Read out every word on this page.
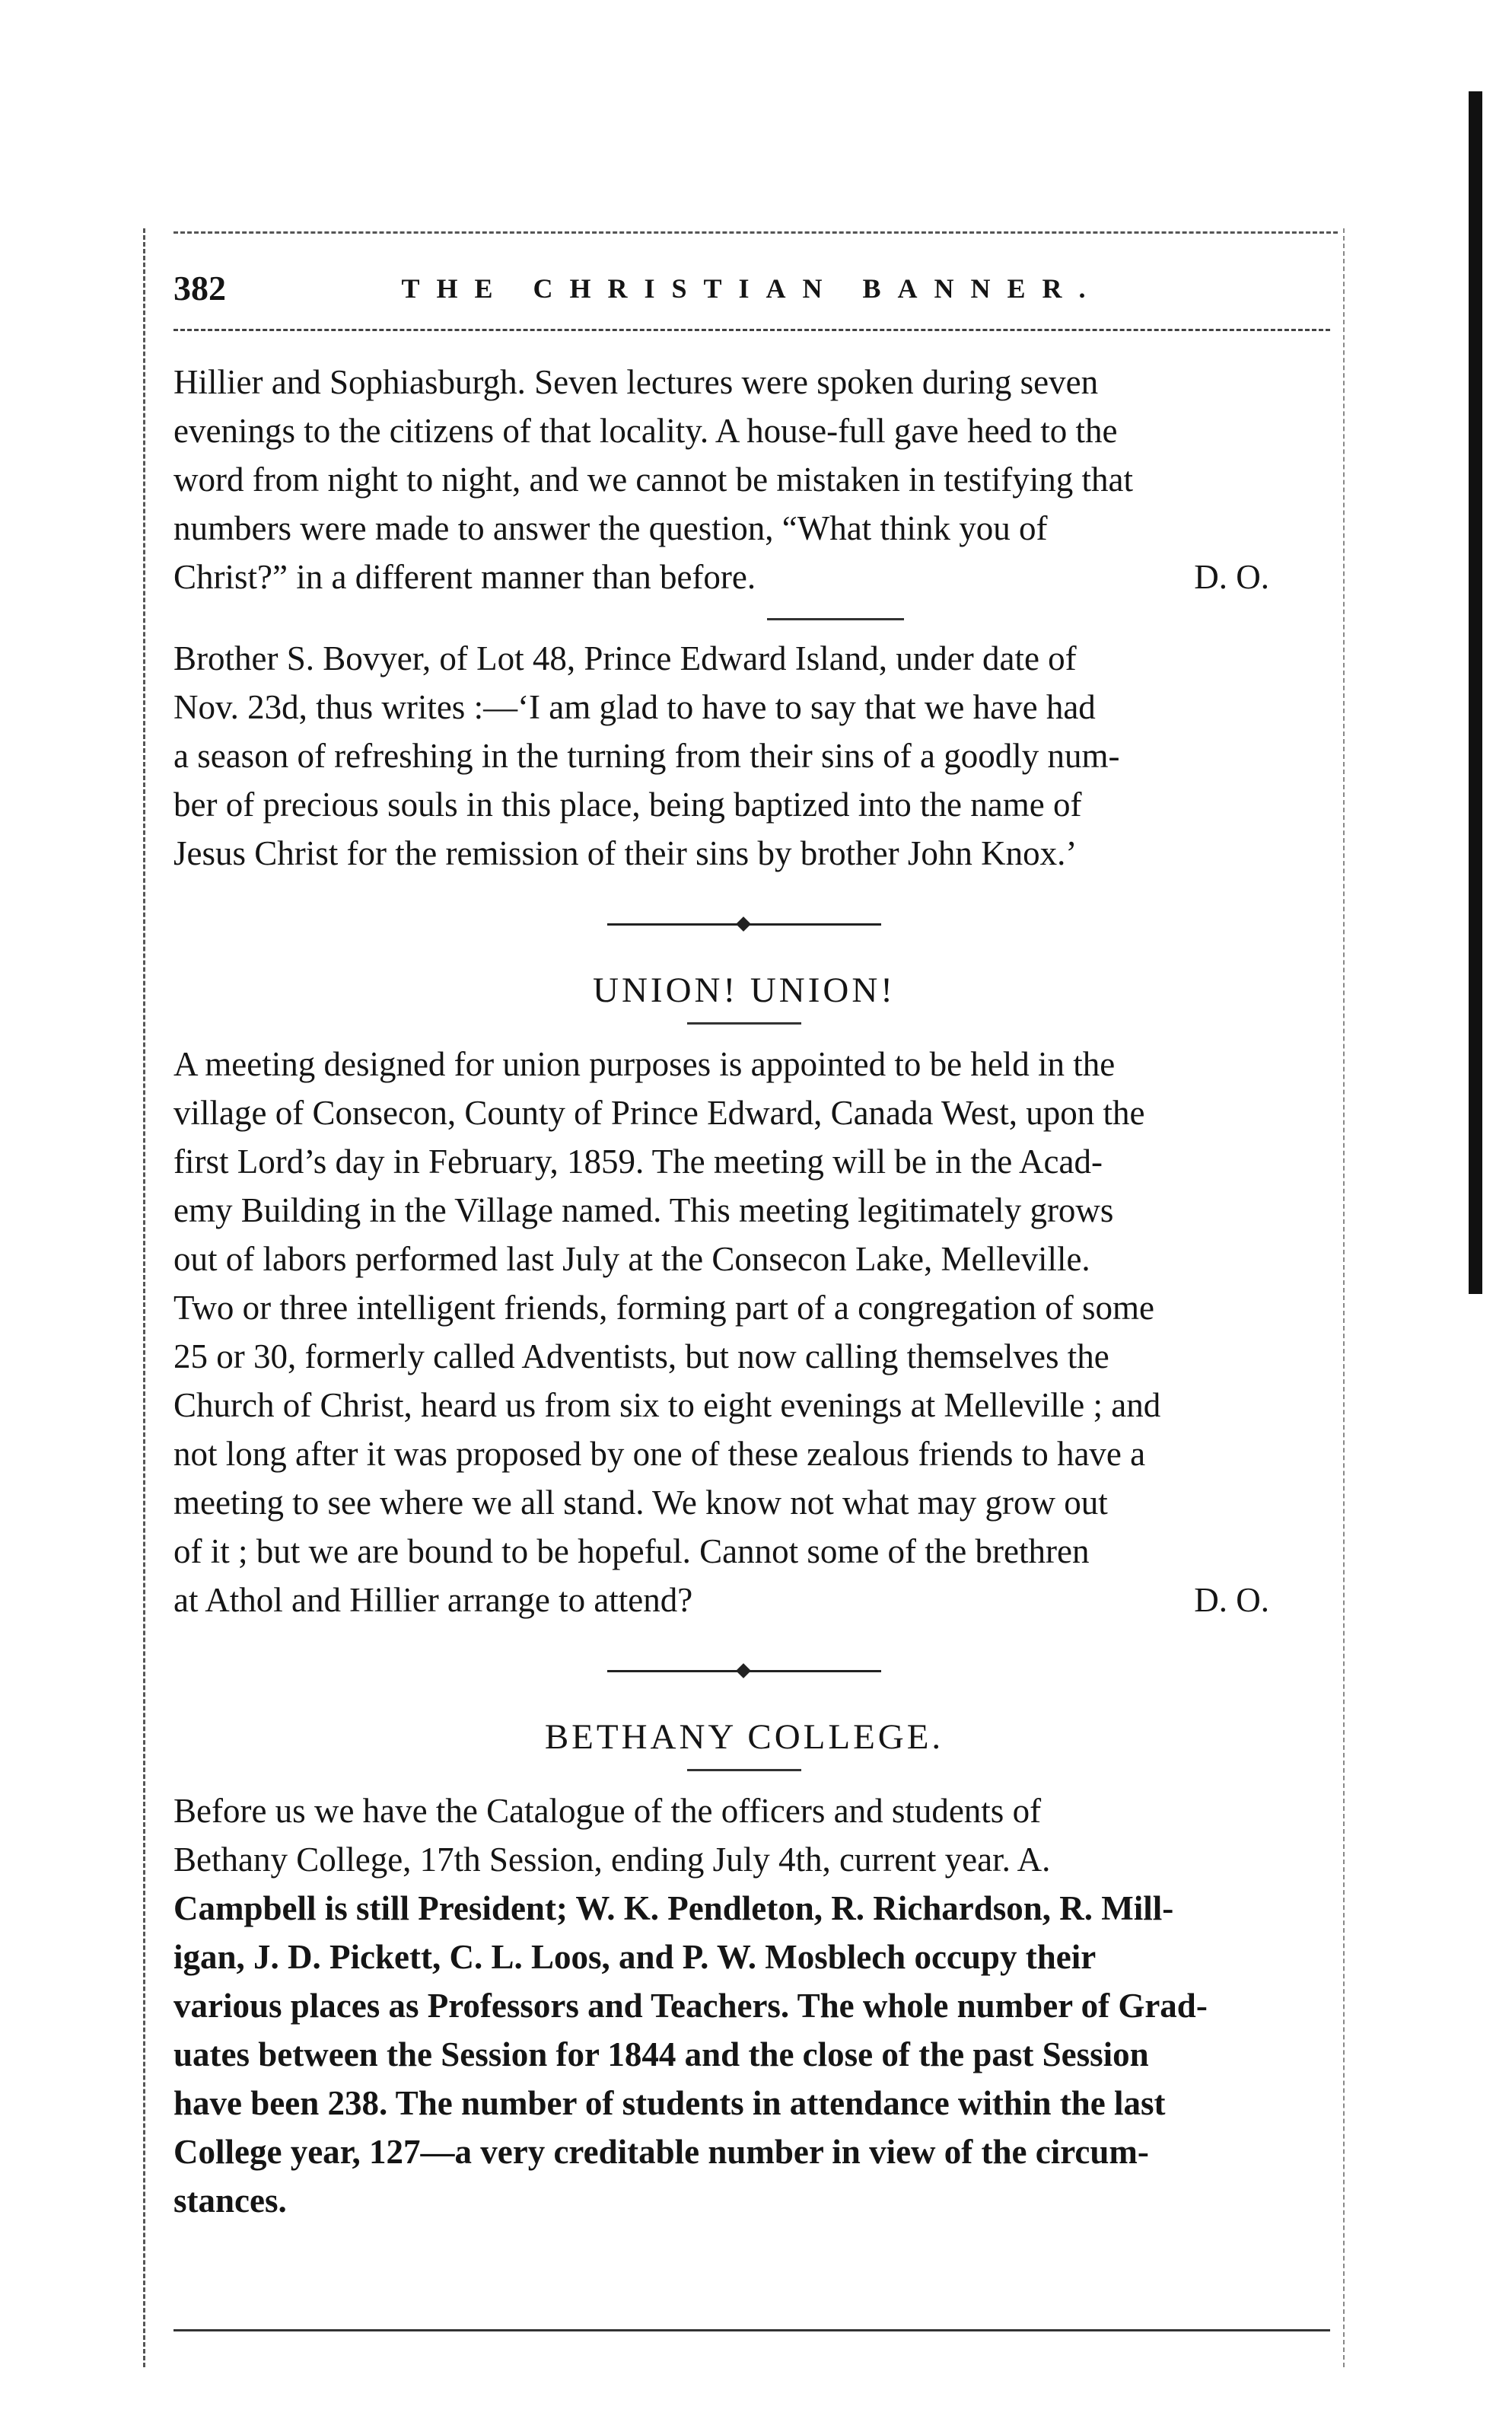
382	THE CHRISTIAN BANNER.
Hillier and Sophiasburgh. Seven lectures were spoken during seven
evenings to the citizens of that locality. A house-full gave heed to the
word from night to night, and we cannot be mistaken in testifying that
numbers were made to answer the question, “What think you of
Christ?” in a different manner than before.	D. O.
Brother S. Bovyer, of Lot 48, Prince Edward Island, under date of
Nov. 23d, thus writes :—‘I am glad to have to say that we have had
a season of refreshing in the turning from their sins of a goodly num-
ber of precious souls in this place, being baptized into the name of
Jesus Christ for the remission of their sins by brother John Knox.’
UNION! UNION!
A meeting designed for union purposes is appointed to be held in the
village of Consecon, County of Prince Edward, Canada West, upon the
first Lord’s day in February, 1859. The meeting will be in the Acad-
emy Building in the Village named. This meeting legitimately grows
out of labors performed last July at the Consecon Lake, Melleville.
Two or three intelligent friends, forming part of a congregation of some
25 or 30, formerly called Adventists, but now calling themselves the
Church of Christ, heard us from six to eight evenings at Melleville ; and
not long after it was proposed by one of these zealous friends to have a
meeting to see where we all stand. We know not what may grow out
of it ; but we are bound to be hopeful. Cannot some of the brethren
at Athol and Hillier arrange to attend?	D. O.
BETHANY COLLEGE.
Before us we have the Catalogue of the officers and students of
Bethany College, 17th Session, ending July 4th, current year. A.
Campbell is still President; W. K. Pendleton, R. Richardson, R. Mill-
igan, J. D. Pickett, C. L. Loos, and P. W. Mosblech occupy their
various places as Professors and Teachers. The whole number of Grad-
uates between the Session for 1844 and the close of the past Session
have been 238. The number of students in attendance within the last
College year, 127—a very creditable number in view of the circum-
stances.
